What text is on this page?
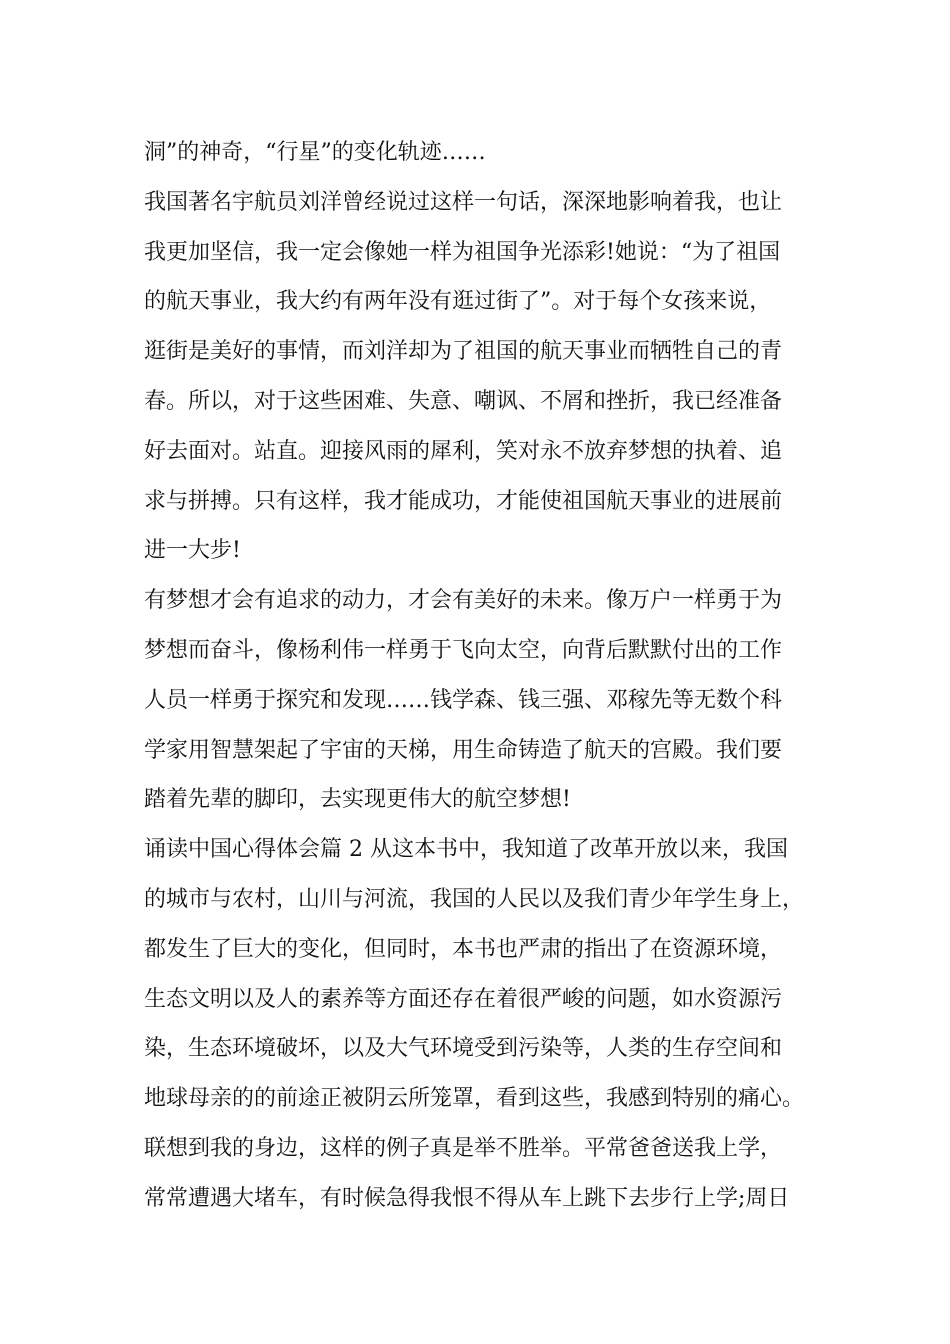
洞”的神奇，“行星”的变化轨迹……
我国著名宇航员刘洋曾经说过这样一句话，深深地影响着我，也让
我更加坚信，我一定会像她一样为祖国争光添彩!她说：“为了祖国
的航天事业，我大约有两年没有逛过街了”。对于每个女孩来说，
逛街是美好的事情，而刘洋却为了祖国的航天事业而牺牲自己的青
春。所以，对于这些困难、失意、嘲讽、不屑和挫折，我已经准备
好去面对。站直。迎接风雨的犀利，笑对永不放弃梦想的执着、追
求与拼搏。只有这样，我才能成功，才能使祖国航天事业的进展前
进一大步!
有梦想才会有追求的动力，才会有美好的未来。像万户一样勇于为
梦想而奋斗，像杨利伟一样勇于飞向太空，向背后默默付出的工作
人员一样勇于探究和发现……钱学森、钱三强、邓稼先等无数个科
学家用智慧架起了宇宙的天梯，用生命铸造了航天的宫殿。我们要
踏着先辈的脚印，去实现更伟大的航空梦想!
诵读中国心得体会篇 2 从这本书中，我知道了改革开放以来，我国
的城市与农村，山川与河流，我国的人民以及我们青少年学生身上，
都发生了巨大的变化，但同时，本书也严肃的指出了在资源环境，
生态文明以及人的素养等方面还存在着很严峻的问题，如水资源污
染，生态环境破坏，以及大气环境受到污染等，人类的生存空间和
地球母亲的的前途正被阴云所笼罩，看到这些，我感到特别的痛心。
联想到我的身边，这样的例子真是举不胜举。平常爸爸送我上学，
常常遭遇大堵车，有时候急得我恨不得从车上跳下去步行上学;周日
